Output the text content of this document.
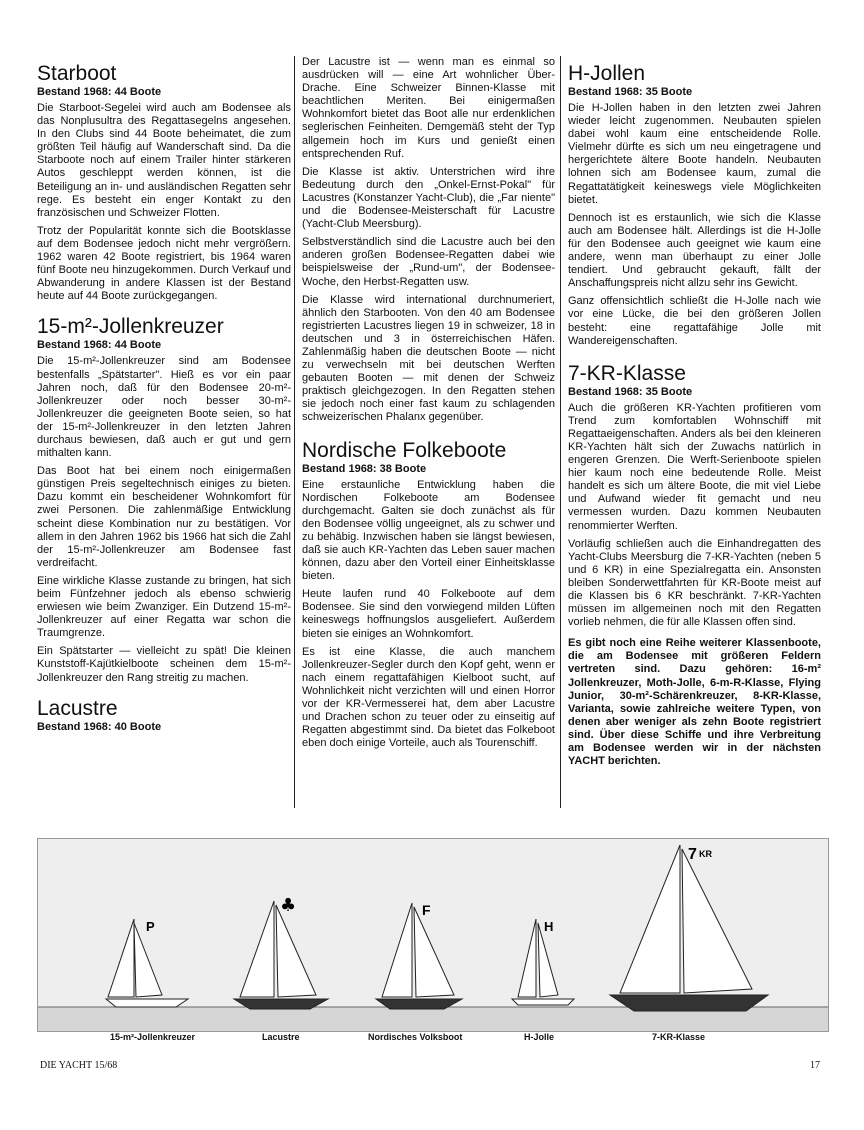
Starboot
Bestand 1968: 44 Boote

Die Starboot-Segelei wird auch am Bodensee als das Nonplusultra des Regattasegelns angesehen. In den Clubs sind 44 Boote beheimatet, die zum größten Teil häufig auf Wanderschaft sind. Da die Starboote noch auf einem Trailer hinter stärkeren Autos geschleppt werden können, ist die Beteiligung an in- und ausländischen Regatten sehr rege. Es besteht ein enger Kontakt zu den französischen und Schweizer Flotten.

Trotz der Popularität konnte sich die Bootsklasse auf dem Bodensee jedoch nicht mehr vergrößern. 1962 waren 42 Boote registriert, bis 1964 waren fünf Boote neu hinzugekommen. Durch Verkauf und Abwanderung in andere Klassen ist der Bestand heute auf 44 Boote zurückgegangen.

15-m²-Jollenkreuzer
Bestand 1968: 44 Boote

Die 15-m²-Jollenkreuzer sind am Bodensee bestenfalls „Spätstarter". Hieß es vor ein paar Jahren noch, daß für den Bodensee 20-m²-Jollenkreuzer oder noch besser 30-m²-Jollenkreuzer die geeigneten Boote seien, so hat der 15-m²-Jollenkreuzer in den letzten Jahren durchaus bewiesen, daß auch er gut und gern mithalten kann.

Das Boot hat bei einem noch einigermaßen günstigen Preis segeltechnisch einiges zu bieten. Dazu kommt ein bescheidener Wohnkomfort für zwei Personen. Die zahlenmäßige Entwicklung scheint diese Kombination nur zu bestätigen. Vor allem in den Jahren 1962 bis 1966 hat sich die Zahl der 15-m²-Jollenkreuzer am Bodensee fast verdreifacht.

Eine wirkliche Klasse zustande zu bringen, hat sich beim Fünfzehner jedoch als ebenso schwierig erwiesen wie beim Zwanziger. Ein Dutzend 15-m²-Jollenkreuzer auf einer Regatta war schon die Traumgrenze.

Ein Spätstarter — vielleicht zu spät! Die kleinen Kunststoff-Kajütkielboote scheinen dem 15-m²-Jollenkreuzer den Rang streitig zu machen.

Lacustre
Bestand 1968: 40 Boote

Der Lacustre ist — wenn man es einmal so ausdrücken will — eine Art wohnlicher Über-Drache. Eine Schweizer Binnen-Klasse mit beachtlichen Meriten. Bei einigermaßen Wohnkomfort bietet das Boot alle nur erdenklichen seglerischen Feinheiten. Demgemäß steht der Typ allgemein hoch im Kurs und genießt einen entsprechenden Ruf.

Die Klasse ist aktiv. Unterstrichen wird ihre Bedeutung durch den „Onkel-Ernst-Pokal" für Lacustres (Konstanzer Yacht-Club), die „Far niente" und die Bodensee-Meisterschaft für Lacustre (Yacht-Club Meersburg).

Selbstverständlich sind die Lacustre auch bei den anderen großen Bodensee-Regatten dabei wie beispielsweise der „Rund-um", der Bodensee-Woche, den Herbst-Regatten usw.

Die Klasse wird international durchnumeriert, ähnlich den Starbooten. Von den 40 am Bodensee registrierten Lacustres liegen 19 in schweizer, 18 in deutschen und 3 in österreichischen Häfen. Zahlenmäßig haben die deutschen Boote — nicht zu verwechseln mit bei deutschen Werften gebauten Booten — mit denen der Schweiz praktisch gleichgezogen. In den Regatten stehen sie jedoch noch einer fast kaum zu schlagenden schweizerischen Phalanx gegenüber.

Nordische Folkeboote
Bestand 1968: 38 Boote

Eine erstaunliche Entwicklung haben die Nordischen Folkeboote am Bodensee durchgemacht. Galten sie doch zunächst als für den Bodensee völlig ungeeignet, als zu schwer und zu behäbig. Inzwischen haben sie längst bewiesen, daß sie auch KR-Yachten das Leben sauer machen können, dazu aber den Vorteil einer Einheitsklasse bieten.

Heute laufen rund 40 Folkeboote auf dem Bodensee. Sie sind den vorwiegend milden Lüften keineswegs hoffnungslos ausgeliefert. Außerdem bieten sie einiges an Wohnkomfort.

Es ist eine Klasse, die auch manchem Jollenkreuzer-Segler durch den Kopf geht, wenn er nach einem regattafähigen Kielboot sucht, auf Wohnlichkeit nicht verzichten will und einen Horror vor der KR-Vermesserei hat, dem aber Lacustre und Drachen schon zu teuer oder zu einseitig auf Regatten abgestimmt sind. Da bietet das Folkeboot eben doch einige Vorteile, auch als Tourenschiff.

H-Jollen
Bestand 1968: 35 Boote

Die H-Jollen haben in den letzten zwei Jahren wieder leicht zugenommen. Neubauten spielen dabei wohl kaum eine entscheidende Rolle. Vielmehr dürfte es sich um neu eingetragene und hergerichtete ältere Boote handeln. Neubauten lohnen sich am Bodensee kaum, zumal die Regattatätigkeit keineswegs viele Möglichkeiten bietet.

Dennoch ist es erstaunlich, wie sich die Klasse auch am Bodensee hält. Allerdings ist die H-Jolle für den Bodensee auch geeignet wie kaum eine andere, wenn man überhaupt zu einer Jolle tendiert. Und gebraucht gekauft, fällt der Anschaffungspreis nicht allzu sehr ins Gewicht.

Ganz offensichtlich schließt die H-Jolle nach wie vor eine Lücke, die bei den größeren Jollen besteht: eine regattafähige Jolle mit Wandereigenschaften.

7-KR-Klasse
Bestand 1968: 35 Boote

Auch die größeren KR-Yachten profitieren vom Trend zum komfortablen Wohnschiff mit Regattaeigenschaften. Anders als bei den kleineren KR-Yachten hält sich der Zuwachs natürlich in engeren Grenzen. Die Werft-Serienboote spielen hier kaum noch eine bedeutende Rolle. Meist handelt es sich um ältere Boote, die mit viel Liebe und Aufwand wieder fit gemacht und neu vermessen wurden. Dazu kommen Neubauten renommierter Werften.

Vorläufig schließen auch die Einhandregatten des Yacht-Clubs Meersburg die 7-KR-Yachten (neben 5 und 6 KR) in eine Spezialregatta ein. Ansonsten bleiben Sonderwettfahrten für KR-Boote meist auf die Klassen bis 6 KR beschränkt. 7-KR-Yachten müssen im allgemeinen noch mit den Regatten vorlieb nehmen, die für alle Klassen offen sind.

Es gibt noch eine Reihe weiterer Klassenboote, die am Bodensee mit größeren Feldern vertreten sind. Dazu gehören: 16-m² Jollenkreuzer, Moth-Jolle, 6-m-R-Klasse, Flying Junior, 30-m²-Schärenkreuzer, 8-KR-Klasse, Varianta, sowie zahlreiche weitere Typen, von denen aber weniger als zehn Boote registriert sind. Über diese Schiffe und ihre Verbreitung am Bodensee werden wir in der nächsten YACHT berichten.

P
♣	F
H
7 KR
15-m²-Jollenkreuzer	Lacustre	Nordisches Volksboot	H-Jolle	7-KR-Klasse
DIE YACHT 15/68	17
